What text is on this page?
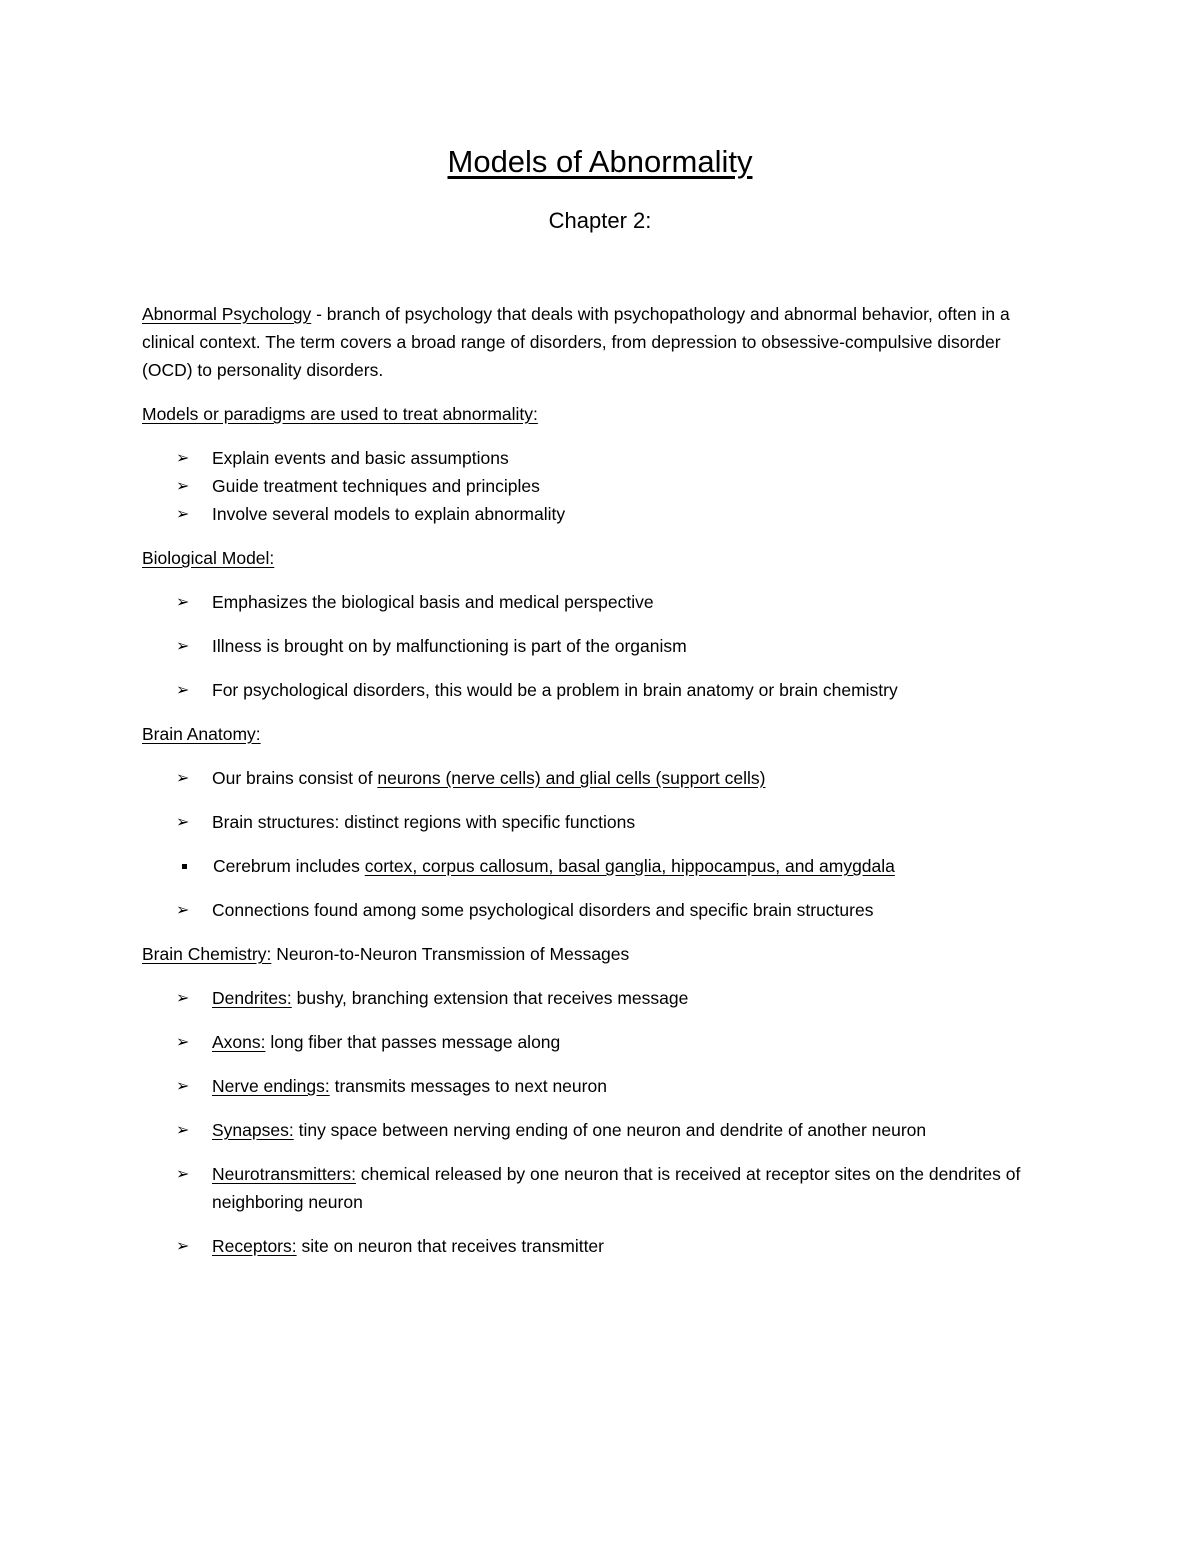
Models of Abnormality
Chapter 2:

Abnormal Psychology - branch of psychology that deals with psychopathology and abnormal behavior, often in a clinical context. The term covers a broad range of disorders, from depression to obsessive-compulsive disorder (OCD) to personality disorders.

Models or paradigms are used to treat abnormality:

➢ Explain events and basic assumptions
➢ Guide treatment techniques and principles
➢ Involve several models to explain abnormality

Biological Model:

➢ Emphasizes the biological basis and medical perspective
➢ Illness is brought on by malfunctioning is part of the organism
➢ For psychological disorders, this would be a problem in brain anatomy or brain chemistry

Brain Anatomy:

➢ Our brains consist of neurons (nerve cells) and glial cells (support cells)
➢ Brain structures: distinct regions with specific functions
Cerebrum includes cortex, corpus callosum, basal ganglia, hippocampus, and amygdala
➢ Connections found among some psychological disorders and specific brain structures

Brain Chemistry: Neuron-to-Neuron Transmission of Messages

➢ Dendrites: bushy, branching extension that receives message
➢ Axons: long fiber that passes message along
➢ Nerve endings: transmits messages to next neuron
➢ Synapses: tiny space between nerving ending of one neuron and dendrite of another neuron
➢ Neurotransmitters: chemical released by one neuron that is received at receptor sites on the dendrites of neighboring neuron
➢ Receptors: site on neuron that receives transmitter
